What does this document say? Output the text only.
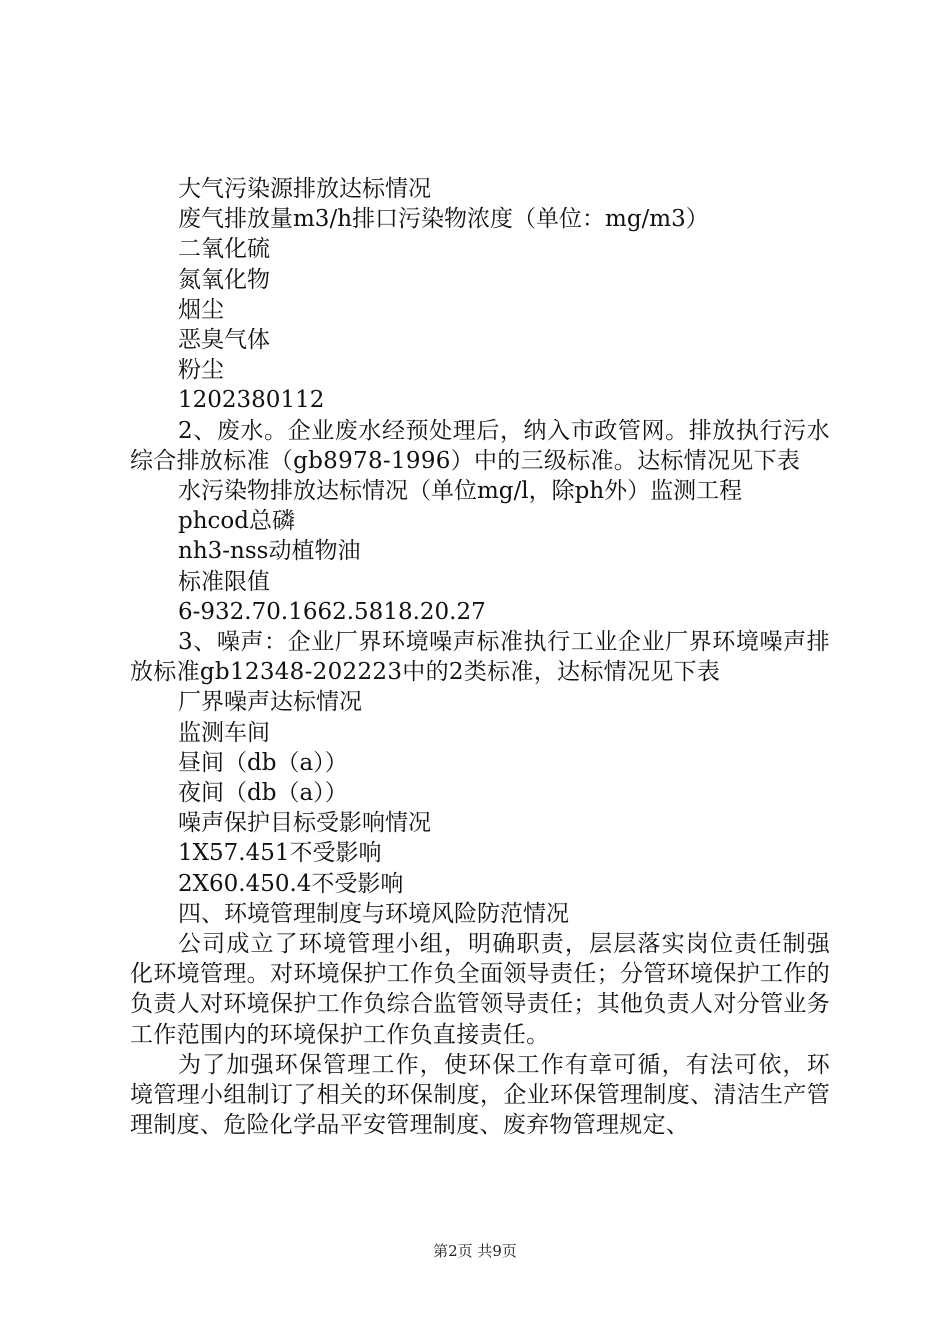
大气污染源排放达标情况

废气排放量m3/h排口污染物浓度（单位：mg/m3）

二氧化硫

氮氧化物

烟尘

恶臭气体

粉尘

1202380112

2、废水。企业废水经预处理后，纳入市政管网。排放执行污水综合排放标准（gb8978-1996）中的三级标准。达标情况见下表

水污染物排放达标情况（单位mg/l，除ph外）监测工程

phcod总磷

nh3-nss动植物油

标准限值

6-932.70.1662.5818.20.27

3、噪声：企业厂界环境噪声标准执行工业企业厂界环境噪声排放标准gb12348-202223中的2类标准，达标情况见下表

厂界噪声达标情况

监测车间

昼间（db（a））

夜间（db（a））

噪声保护目标受影响情况

1X57.451不受影响

2X60.450.4不受影响

四、环境管理制度与环境风险防范情况

公司成立了环境管理小组，明确职责，层层落实岗位责任制强化环境管理。对环境保护工作负全面领导责任；分管环境保护工作的负责人对环境保护工作负综合监管领导责任；其他负责人对分管业务工作范围内的环境保护工作负直接责任。

为了加强环保管理工作，使环保工作有章可循，有法可依，环境管理小组制订了相关的环保制度，企业环保管理制度、清洁生产管理制度、危险化学品平安管理制度、废弃物管理规定、

第2页 共9页
